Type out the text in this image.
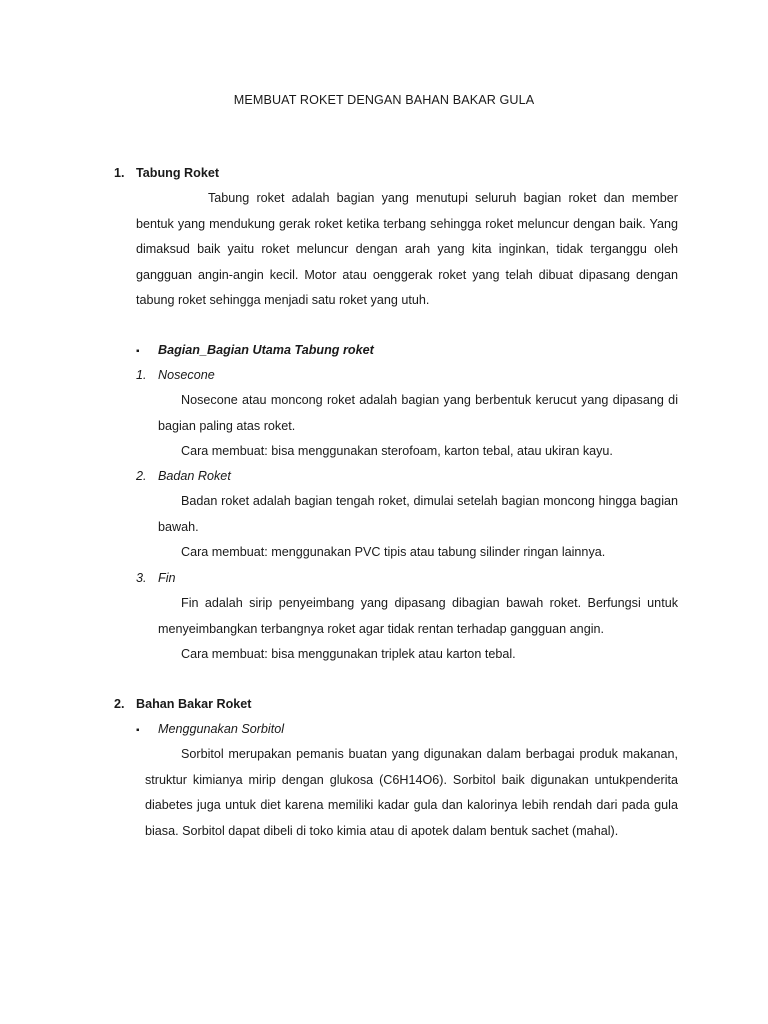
MEMBUAT ROKET DENGAN BAHAN BAKAR GULA
1. Tabung Roket

Tabung roket adalah bagian yang menutupi seluruh bagian roket dan member bentuk yang mendukung gerak roket ketika terbang sehingga roket meluncur dengan baik. Yang dimaksud baik yaitu roket meluncur dengan arah yang kita inginkan, tidak terganggu oleh gangguan angin-angin kecil. Motor atau oenggerak roket yang telah dibuat dipasang dengan tabung roket sehingga menjadi satu roket yang utuh.

▪ Bagian_Bagian Utama Tabung roket
1. Nosecone

Nosecone atau moncong roket adalah bagian yang berbentuk kerucut yang dipasang di bagian paling atas roket.

Cara membuat: bisa menggunakan sterofoam, karton tebal, atau ukiran kayu.
2. Badan Roket

Badan roket adalah bagian tengah roket, dimulai setelah bagian moncong hingga bagian bawah.

Cara membuat: menggunakan PVC tipis atau tabung silinder ringan lainnya.
3. Fin

Fin adalah sirip penyeimbang yang dipasang dibagian bawah roket. Berfungsi untuk menyeimbangkan terbangnya roket agar tidak rentan terhadap gangguan angin.

Cara membuat: bisa menggunakan triplek atau karton tebal.
2. Bahan Bakar Roket
▪ Menggunakan Sorbitol

Sorbitol merupakan pemanis buatan yang digunakan dalam berbagai produk makanan, struktur kimianya mirip dengan glukosa (C6H14O6). Sorbitol baik digunakan untukpenderita diabetes juga untuk diet karena memiliki kadar gula dan kalorinya lebih rendah dari pada gula biasa. Sorbitol dapat dibeli di toko kimia atau di apotek dalam bentuk sachet (mahal).
